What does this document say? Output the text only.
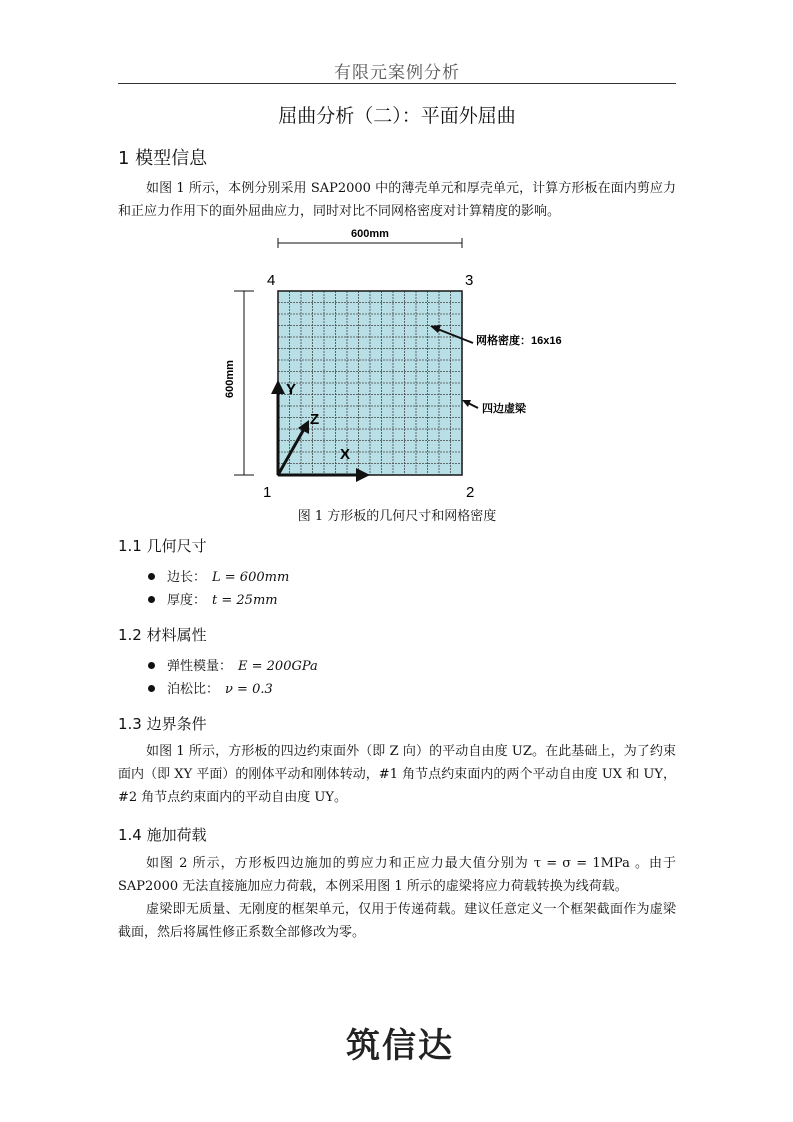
有限元案例分析
屈曲分析（二）：平面外屈曲
1 模型信息
如图 1 所示，本例分别采用 SAP2000 中的薄壳单元和厚壳单元，计算方形板在面内剪应力和正应力作用下的面外屈曲应力，同时对比不同网格密度对计算精度的影响。
600mm
600mm
4	3
1	2
Y
Z
X
网格密度：16x16
四边虚梁
图 1 方形板的几何尺寸和网格密度
1.1 几何尺寸
边长： L = 600mm
厚度： t = 25mm
1.2 材料属性
弹性模量： E = 200GPa
泊松比： ν = 0.3
1.3 边界条件
如图 1 所示，方形板的四边约束面外（即 Z 向）的平动自由度 UZ。在此基础上，为了约束面内（即 XY 平面）的刚体平动和刚体转动，#1 角节点约束面内的两个平动自由度 UX 和 UY，#2 角节点约束面内的平动自由度 UY。
1.4 施加荷载
如图 2 所示，方形板四边施加的剪应力和正应力最大值分别为 τ = σ = 1MPa 。由于 SAP2000 无法直接施加应力荷载，本例采用图 1 所示的虚梁将应力荷载转换为线荷载。
虚梁即无质量、无刚度的框架单元，仅用于传递荷载。建议任意定义一个框架截面作为虚梁截面，然后将属性修正系数全部修改为零。
筑信达
